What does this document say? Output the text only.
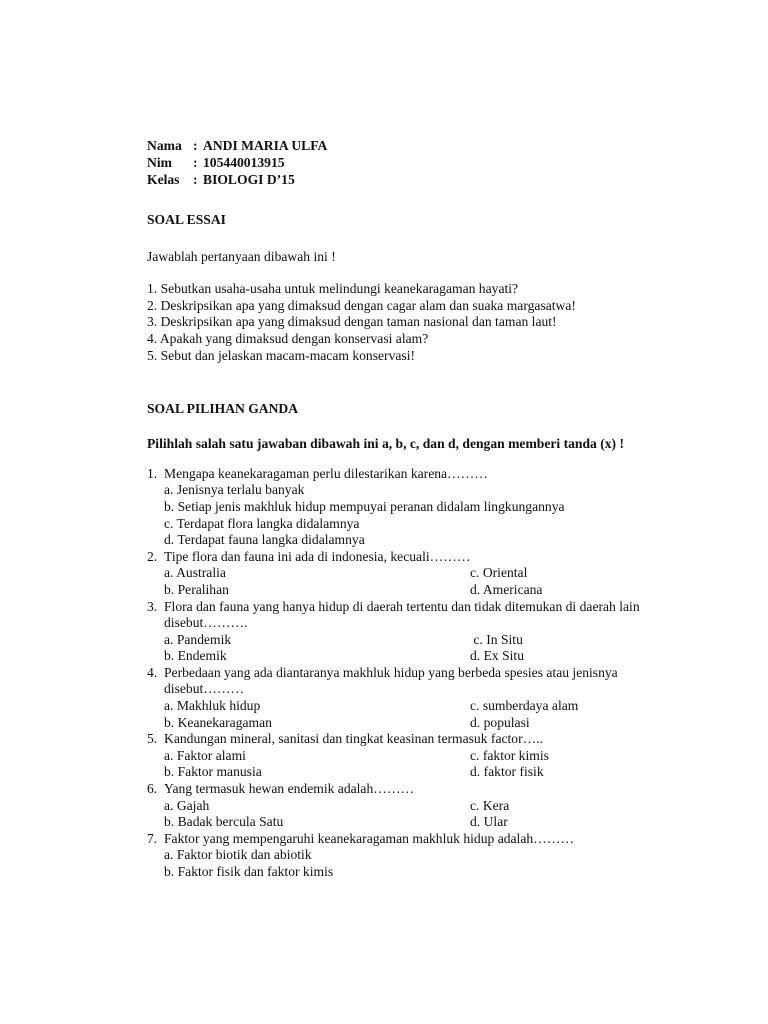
Nama : ANDI MARIA ULFA
Nim	: 105440013915
Kelas : BIOLOGI D’15
SOAL ESSAI
Jawablah pertanyaan dibawah ini !
1. Sebutkan usaha-usaha untuk melindungi keanekaragaman hayati?
2. Deskripsikan apa yang dimaksud dengan cagar alam dan suaka margasatwa!
3. Deskripsikan apa yang dimaksud dengan taman nasional dan taman laut!
4. Apakah yang dimaksud dengan konservasi alam?
5. Sebut dan jelaskan macam-macam konservasi!
SOAL PILIHAN GANDA
Pilihlah salah satu jawaban dibawah ini a, b, c, dan d, dengan memberi tanda (x) !
1. Mengapa keanekaragaman perlu dilestarikan karena………
a. Jenisnya terlalu banyak
b. Setiap jenis makhluk hidup mempuyai peranan didalam lingkungannya
c. Terdapat flora langka didalamnya
d. Terdapat fauna langka didalamnya
2. Tipe flora dan fauna ini ada di indonesia, kecuali………
a. Australia	c. Oriental
b. Peralihan	d. Americana
3. Flora dan fauna yang hanya hidup di daerah tertentu dan tidak ditemukan di daerah lain disebut……….
a. Pandemik	c. In Situ
b. Endemik	d. Ex Situ
4. Perbedaan yang ada diantaranya makhluk hidup yang berbeda spesies atau jenisnya disebut………
a. Makhluk hidup	c. sumberdaya alam
b. Keanekaragaman	d. populasi
5. Kandungan mineral, sanitasi dan tingkat keasinan termasuk factor…..
a. Faktor alami	c. faktor kimis
b. Faktor manusia	d. faktor fisik
6. Yang termasuk hewan endemik adalah………
a. Gajah	c. Kera
b. Badak bercula Satu	d. Ular
7. Faktor yang mempengaruhi keanekaragaman makhluk hidup adalah………
a. Faktor biotik dan abiotik
b. Faktor fisik dan faktor kimis
